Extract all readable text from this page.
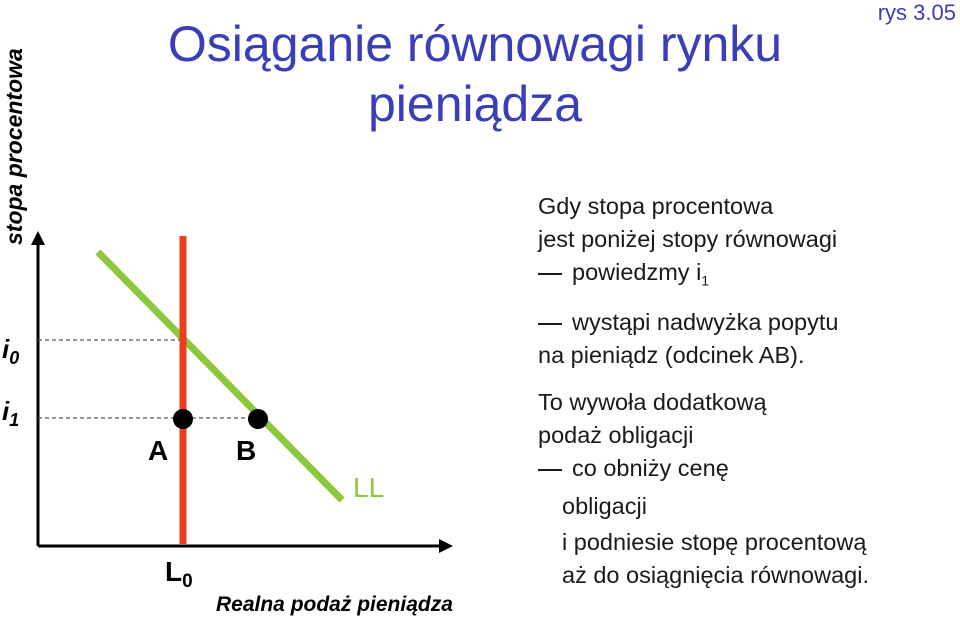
Osiąganie równowagi rynku
pieniądza
rys 3.05
stopa procentowa
$i_0$
$i_1$
A B
LL
$L_0$
Realna podaż pieniądza
Gdy stopa procentowa
jest poniżej stopy równowagi
powiedzmy $i_1$
wystąpi nadwyżka popytu
na pieniądz (odcinek AB).
To wywoła dodatkową
podaż obligacji
co obniży cenę
obligacji
i podniesie stopę procentową
aż do osiągnięcia równowagi.
